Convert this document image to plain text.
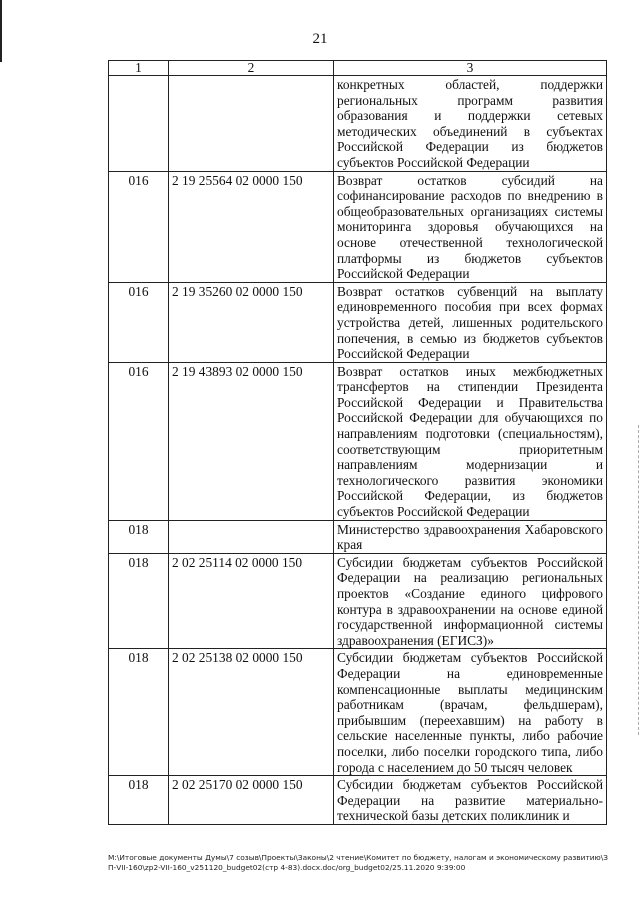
21
1	2	3
		конкретных областей, поддержки региональных программ развития образования и поддержки сетевых методических объединений в субъектах Российской Федерации из бюджетов субъектов Российской Федерации
016	2 19 25564 02 0000 150	Возврат остатков субсидий на софинансирование расходов по внедрению в общеобразовательных организациях системы мониторинга здоровья обучающихся на основе отечественной технологической платформы из бюджетов субъектов Российской Федерации
016	2 19 35260 02 0000 150	Возврат остатков субвенций на выплату единовременного пособия при всех формах устройства детей, лишенных родительского попечения, в семью из бюджетов субъектов Российской Федерации
016	2 19 43893 02 0000 150	Возврат остатков иных межбюджетных трансфертов на стипендии Президента Российской Федерации и Правительства Российской Федерации для обучающихся по направлениям подготовки (специальностям), соответствующим приоритетным направлениям модернизации и технологического развития экономики Российской Федерации, из бюджетов субъектов Российской Федерации
018		Министерство здравоохранения Хабаровского края
018	2 02 25114 02 0000 150	Субсидии бюджетам субъектов Российской Федерации на реализацию региональных проектов «Создание единого цифрового контура в здравоохранении на основе единой государственной информационной системы здравоохранения (ЕГИСЗ)»
018	2 02 25138 02 0000 150	Субсидии бюджетам субъектов Российской Федерации на единовременные компенсационные выплаты медицинским работникам (врачам, фельдшерам), прибывшим (переехавшим) на работу в сельские населенные пункты, либо рабочие поселки, либо поселки городского типа, либо города с населением до 50 тысяч человек
018	2 02 25170 02 0000 150	Субсидии бюджетам субъектов Российской Федерации на развитие материально-технической базы детских поликлиник и
M:\Итоговые документы Думы\7 созыв\Проекты\Законы\2 чтение\Комитет по бюджету, налогам и экономическому развитию\ЗП-VII-160\zp2-VII-160_v251120_budget02(стр 4-83).docx.doc/org_budget02/25.11.2020 9:39:00
